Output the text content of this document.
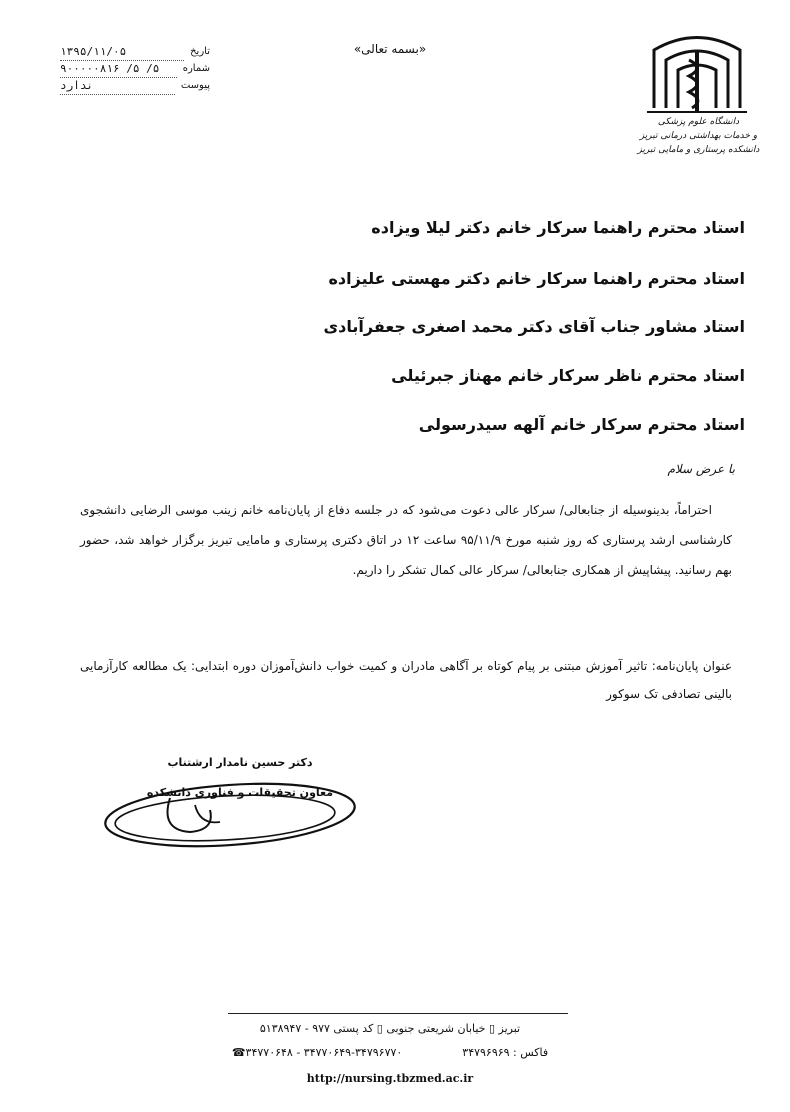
«بسمه تعالی»
تاریخ
۱۳۹۵/۱۱/۰۵
شماره
۵/ ۵/ ۹۰۰۰۰۰۸۱۶
پیوست
ندارد
دانشگاه علوم پزشکی
و خدمات بهداشتی درمانی تبریز
دانشکده پرستاری و مامایی تبریز
استاد محترم راهنما سرکار خانم دکتر لیلا ویزاده
استاد محترم راهنما سرکار خانم دکتر مهستی علیزاده
استاد مشاور جناب آقای دکتر محمد اصغری جعفرآبادی
استاد محترم ناظر سرکار خانم مهناز جبرئیلی
استاد محترم سرکار خانم آلهه سیدرسولی
با عرض سلام

احتراماً، بدینوسیله از جنابعالی/ سرکار عالی دعوت می‌شود که در جلسه دفاع از پایان‌نامه خانم زینب موسی الرضایی دانشجوی کارشناسی ارشد پرستاری که روز شنبه مورخ ۹۵/۱۱/۹ ساعت ۱۲ در اتاق دکتری پرستاری و مامایی تبریز برگزار خواهد شد، حضور بهم رسانید. پیشاپیش از همکاری جنابعالی/ سرکار عالی کمال تشکر را داریم.

عنوان پایان‌نامه: تاثیر آموزش مبتنی بر پیام کوتاه بر آگاهی مادران و کمیت خواب دانش‌آموزان دوره ابتدایی: یک مطالعه کارآزمایی بالینی تصادفی تک سوکور
دکتر حسین نامدار ارشتناب
معاون تحقیقات و فناوری دانشکده
تبریز ▯ خیابان شریعتی جنوبی ▯ کد پستی ۹۷۷ - ۵۱۳۸۹۴۷
☎۳۴۷۷۰۶۴۸ - ۳۴۷۷۰۶۴۹-۳۴۷۹۶۷۷۰	فاکس : ۳۴۷۹۶۹۶۹
http://nursing.tbzmed.ac.ir
